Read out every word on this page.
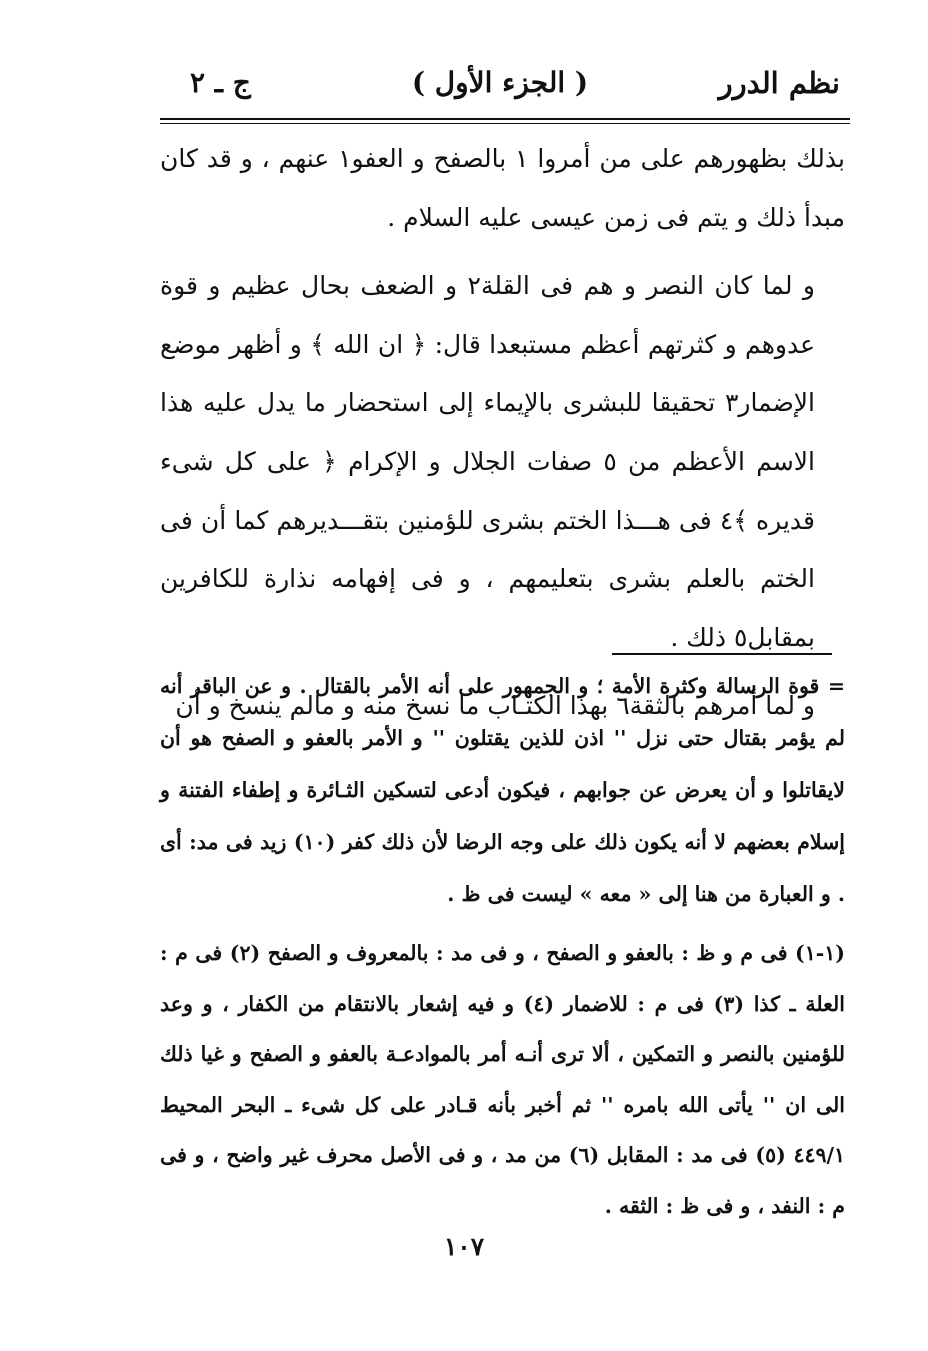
نظم الدرر
( الجزء الأول )
ج ـ ٢

بذلك بظهورهم على من أمروا ١ بالصفح و العفو١ عنهم ، و قد كان مبدأ ذلك و يتم فى زمن عيسى عليه السلام .

و لما كان النصر و هم فى القلة٢ و الضعف بحال عظيم و قوة عدوهم و كثرتهم أعظم مستبعدا قال: ﴿ ان الله ﴾ و أظهر موضع الإضمار٣ تحقيقا للبشرى بالإيماء إلى استحضار ما يدل عليه هذا الاسم الأعظم من ٥ صفات الجلال و الإكرام ﴿ على كل شىء قديره ﴾٤ فى هـــذا الختم بشرى للؤمنين بتقـــديرهم كما أن فى الختم بالعلم بشرى بتعليمهم ، و فى إفهامه نذارة للكافرين بمقابل٥ ذلك .

و لما أمرهم بالثقة٦ بهذا الكتـاب ما نسخ منه و مالم ينسخ و أن

= قوة الرسالة وكثرة الأمة ؛ و الجمهور على أنه الأمر بالقتال . و عن الباقر أنه لم يؤمر بقتال حتى نزل '' اذن للذين يقتلون '' و الأمر بالعفو و الصفح هو أن لايقاتلوا و أن يعرض عن جوابهم ، فيكون أدعى لتسكين الثـائرة و إطفاء الفتنة و إسلام بعضهم لا أنه يكون ذلك على وجه الرضا لأن ذلك كفر (١٠) زيد فى مد: أى . و العبارة من هنا إلى « معه » ليست فى ظ .

(١-١) فى م و ظ : بالعفو و الصفح ، و فى مد : بالمعروف و الصفح (٢) فى م : العلة ـ كذا (٣) فى م : للاضمار (٤) و فيه إشعار بالانتقام من الكفار ، و وعد للؤمنين بالنصر و التمكين ، ألا ترى أنـه أمر بالموادعـة بالعفو و الصفح و غيا ذلك الى ان '' يأتى الله بامره '' ثم أخبر بأنه قـادر على كل شىء ـ البحر المحيط ٤٤٩/١ (٥) فى مد : المقابل (٦) من مد ، و فى الأصل محرف غير واضح ، و فى م : النفد ، و فى ظ : الثقه .

١٠٧
